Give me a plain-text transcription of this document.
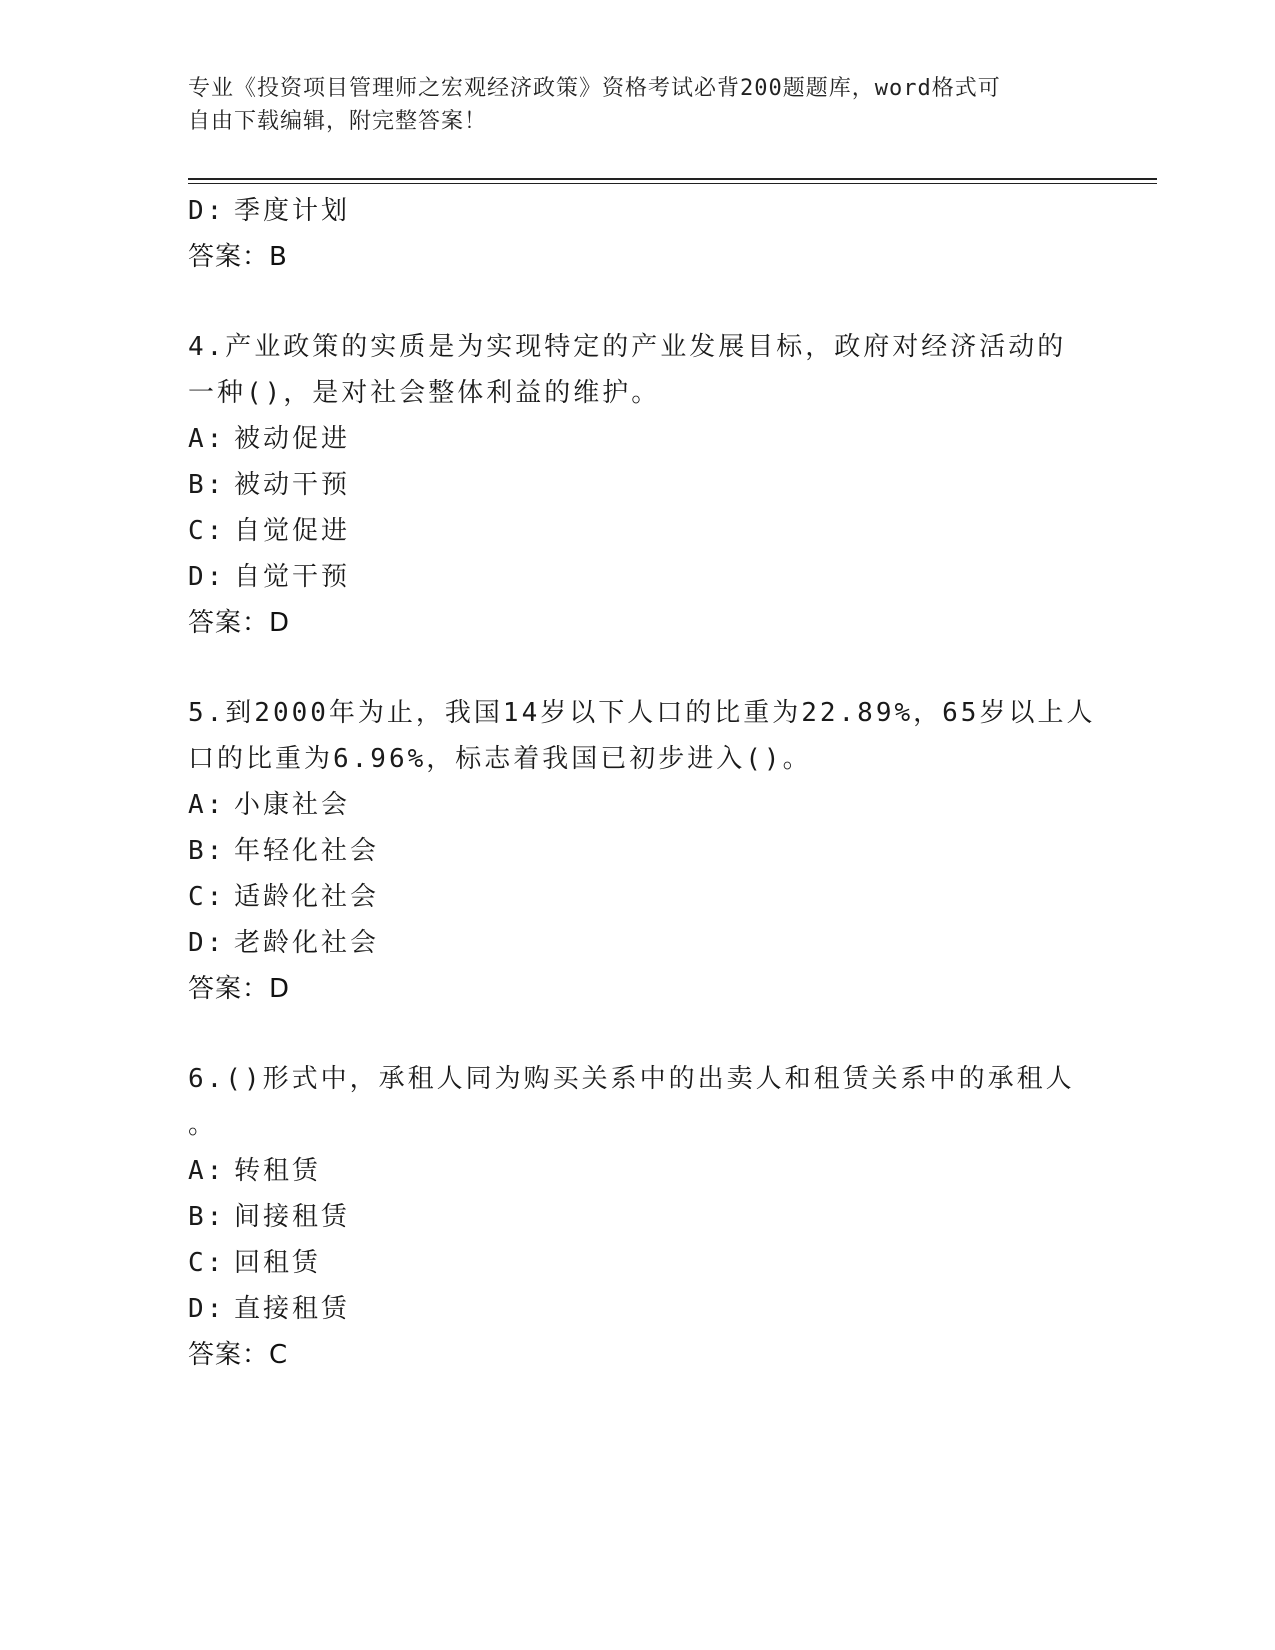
专业《投资项目管理师之宏观经济政策》资格考试必背200题题库，word格式可
自由下载编辑，附完整答案！
D: 季度计划
答案：B
4.产业政策的实质是为实现特定的产业发展目标，政府对经济活动的
一种()，是对社会整体利益的维护。
A: 被动促进
B: 被动干预
C: 自觉促进
D: 自觉干预
答案：D
5.到2000年为止，我国14岁以下人口的比重为22.89%，65岁以上人
口的比重为6.96%，标志着我国已初步进入()。
A: 小康社会
B: 年轻化社会
C: 适龄化社会
D: 老龄化社会
答案：D
6.()形式中，承租人同为购买关系中的出卖人和租赁关系中的承租人
。
A: 转租赁
B: 间接租赁
C: 回租赁
D: 直接租赁
答案：C
